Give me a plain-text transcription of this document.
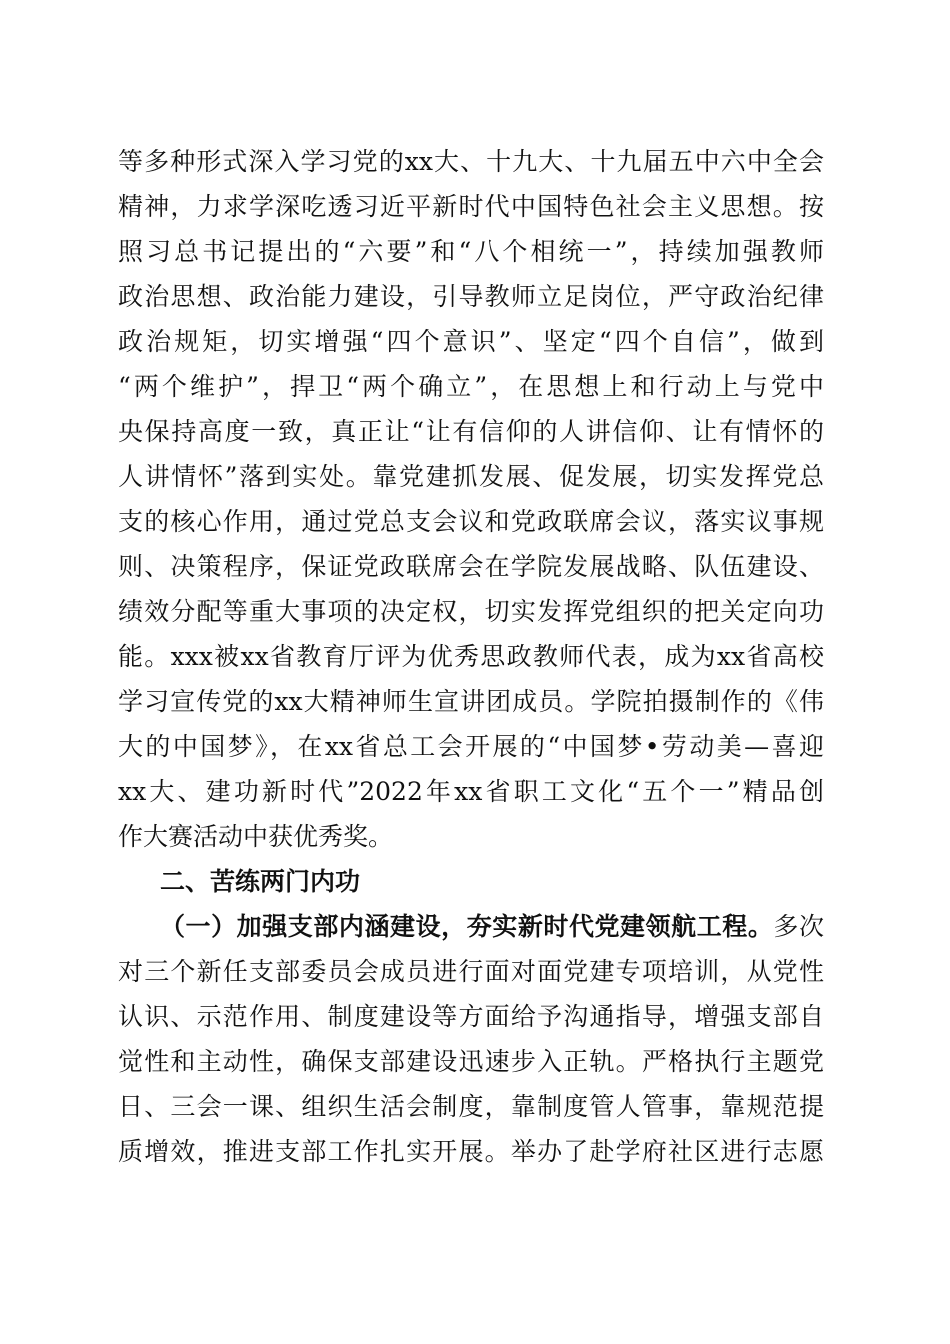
等多种形式深入学习党的xx大、十九大、十九届五中六中全会
精神，力求学深吃透习近平新时代中国特色社会主义思想。按
照习总书记提出的“六要”和“八个相统一”，持续加强教师
政治思想、政治能力建设，引导教师立足岗位，严守政治纪律
政治规矩，切实增强“四个意识”、坚定“四个自信”，做到
“两个维护”，捍卫“两个确立”，在思想上和行动上与党中
央保持高度一致，真正让“让有信仰的人讲信仰、让有情怀的
人讲情怀”落到实处。靠党建抓发展、促发展，切实发挥党总
支的核心作用，通过党总支会议和党政联席会议，落实议事规
则、决策程序，保证党政联席会在学院发展战略、队伍建设、
绩效分配等重大事项的决定权，切实发挥党组织的把关定向功
能。xxx被xx省教育厅评为优秀思政教师代表，成为xx省高校
学习宣传党的xx大精神师生宣讲团成员。学院拍摄制作的《伟
大的中国梦》，在xx省总工会开展的“中国梦•劳动美—喜迎
xx大、建功新时代”2022年xx省职工文化“五个一”精品创
作大赛活动中获优秀奖。
二、苦练两门内功
（一）加强支部内涵建设，夯实新时代党建领航工程。多次
对三个新任支部委员会成员进行面对面党建专项培训，从党性
认识、示范作用、制度建设等方面给予沟通指导，增强支部自
觉性和主动性，确保支部建设迅速步入正轨。严格执行主题党
日、三会一课、组织生活会制度，靠制度管人管事，靠规范提
质增效，推进支部工作扎实开展。举办了赴学府社区进行志愿
